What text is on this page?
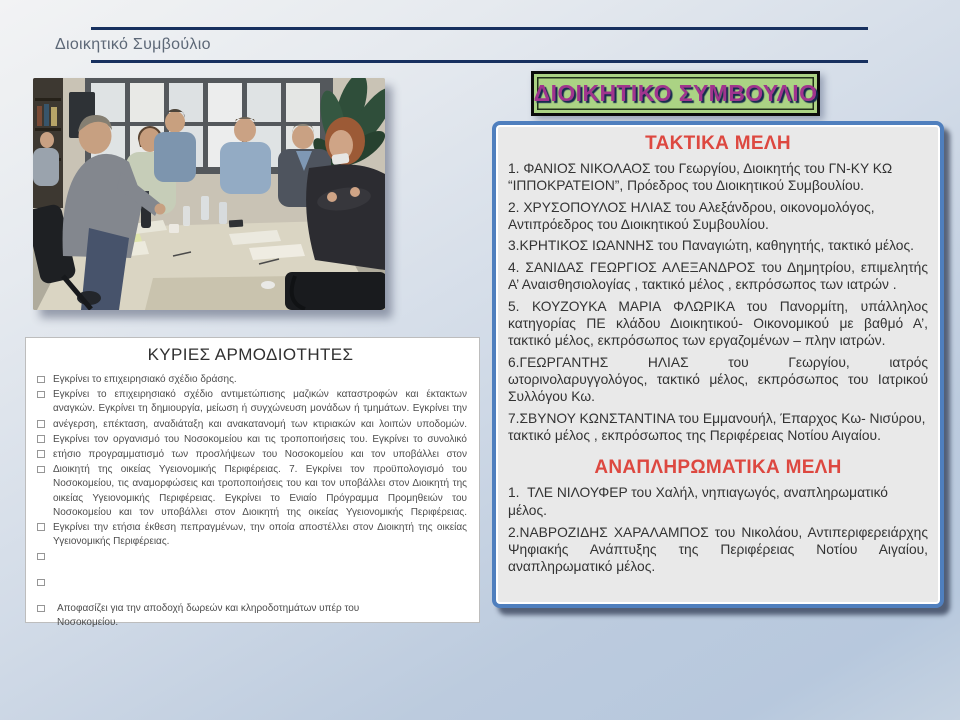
Διοικητικό Συμβούλιο
ΔΙΟΙΚΗΤΙΚΟ ΣΥΜΒΟΥΛΙΟ
ΤΑΚΤΙΚΑ ΜΕΛΗ

1. ΦΑΝΙΟΣ ΝΙΚΟΛΑΟΣ του Γεωργίου, Διοικητής του ΓΝ-ΚΥ ΚΩ “ΙΠΠΟΚΡΑΤΕΙΟΝ”, Πρόεδρος του Διοικητικού Συμβουλίου.

2. ΧΡΥΣΟΠΟΥΛΟΣ ΗΛΙΑΣ του Αλεξάνδρου, οικονομολόγος, Αντιπρόεδρος του Διοικητικού Συμβουλίου.

3.ΚΡΗΤΙΚΟΣ ΙΩΑΝΝΗΣ του Παναγιώτη, καθηγητής, τακτικό μέλος.

4. ΣΑΝΙΔΑΣ ΓΕΩΡΓΙΟΣ ΑΛΕΞΑΝΔΡΟΣ του Δημητρίου, επιμελητής Α’ Αναισθησιολογίας , τακτικό μέλος , εκπρόσωπος των ιατρών .

5. ΚΟΥΖΟΥΚΑ ΜΑΡΙΑ ΦΛΩΡΙΚΑ του Πανορμίτη, υπάλληλος κατηγορίας ΠΕ κλάδου Διοικητικού- Οικονομικού με βαθμό Α’, τακτικό μέλος, εκπρόσωπος των εργαζομένων – πλην ιατρών.

6.ΓΕΩΡΓΑΝΤΗΣ ΗΛΙΑΣ του Γεωργίου, ιατρός ωτορινολαρυγγολόγος, τακτικό μέλος, εκπρόσωπος του Ιατρικού Συλλόγου Κω.

7.ΣΒΥΝΟΥ ΚΩΝΣΤΑΝΤΙΝΑ του Εμμανουήλ, Έπαρχος Κω- Νισύρου, τακτικό μέλος , εκπρόσωπος της Περιφέρειας Νοτίου Αιγαίου.

ΑΝΑΠΛΗΡΩΜΑΤΙΚΑ ΜΕΛΗ

1.  ΤΛΕ ΝΙΛΟΥΦΕΡ του Χαλήλ, νηπιαγωγός, αναπληρωματικό μέλος.

2.ΝΑΒΡΟΖΙΔΗΣ ΧΑΡΑΛΑΜΠΟΣ του Νικολάου, Αντιπεριφερειάρχης Ψηφιακής Ανάπτυξης της Περιφέρειας Νοτίου Αιγαίου, αναπληρωματικό μέλος.

ΚΥΡΙΕΣ ΑΡΜΟΔΙΟΤΗΤΕΣ
Εγκρίνει το επιχειρησιακό σχέδιο δράσης.
Εγκρίνει το επιχειρησιακό σχέδιο αντιμετώπισης μαζικών καταστροφών και έκτακτων αναγκών. Εγκρίνει τη δημιουργία, μείωση ή συγχώνευση μονάδων ή τμημάτων. Εγκρίνει την
ανέγερση, επέκταση, αναδιάταξη και ανακατανομή των κτιριακών και λοιπών υποδομών.
Εγκρίνει τον οργανισμό του Νοσοκομείου και τις τροποποιήσεις του. Εγκρίνει το συνολικό
ετήσιο προγραμματισμό των προσλήψεων του Νοσοκομείου και τον υποβάλλει στον
Διοικητή της οικείας Υγειονομικής Περιφέρειας. 7. Εγκρίνει τον προϋπολογισμό του Νοσοκομείου, τις αναμορφώσεις και τροποποιήσεις του και τον υποβάλλει στον Διοικητή της οικείας Υγειονομικής Περιφέρειας. Εγκρίνει το Ενιαίο Πρόγραμμα Προμηθειών του Νοσοκομείου και τον υποβάλλει στον Διοικητή της οικείας Υγειονομικής Περιφέρειας.
Εγκρίνει την ετήσια έκθεση πεπραγμένων, την οποία αποστέλλει στον Διοικητή της οικείας Υγειονομικής Περιφέρειας.
Αποφασίζει για την αποδοχή δωρεών και κληροδοτημάτων υπέρ του Νοσοκομείου.
